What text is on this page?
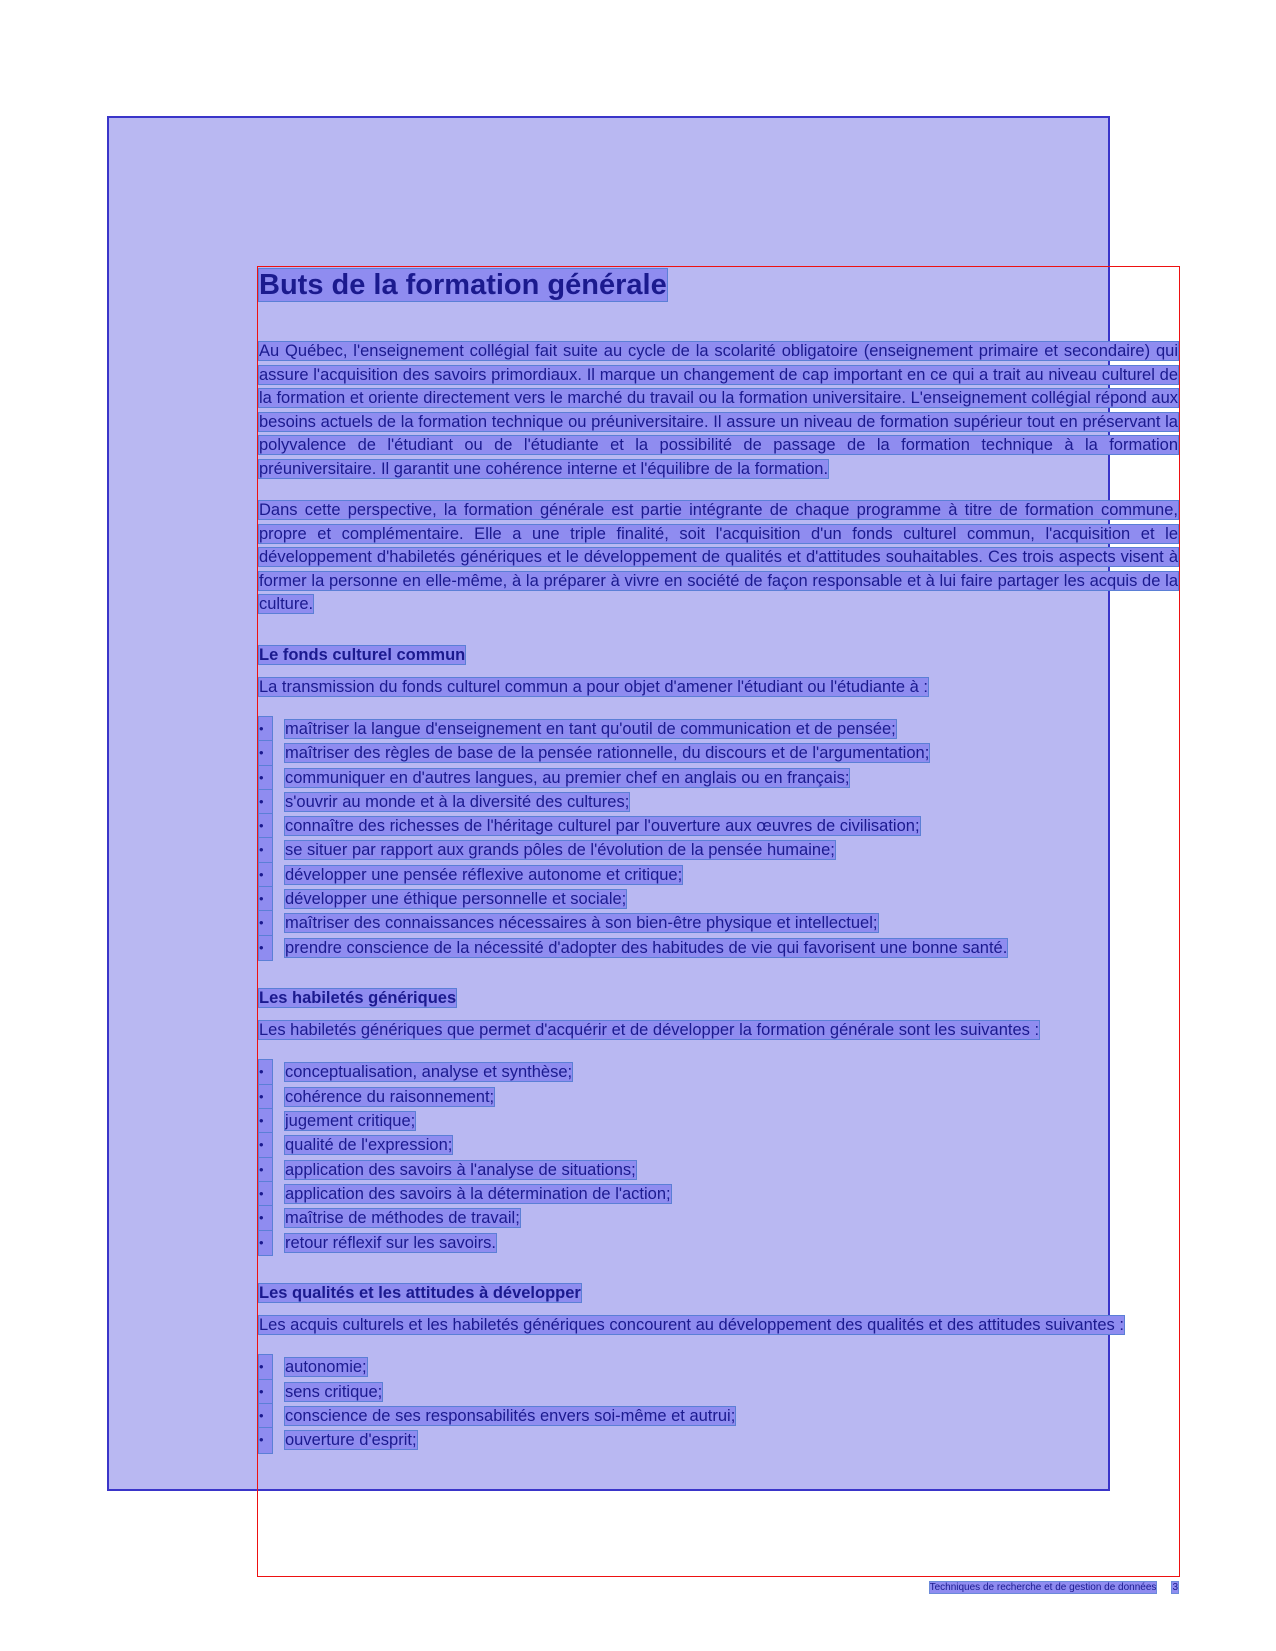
Buts de la formation générale

Au Québec, l'enseignement collégial fait suite au cycle de la scolarité obligatoire (enseignement primaire et secondaire) qui assure l'acquisition des savoirs primordiaux. Il marque un changement de cap important en ce qui a trait au niveau culturel de la formation et oriente directement vers le marché du travail ou la formation universitaire. L'enseignement collégial répond aux besoins actuels de la formation technique ou préuniversitaire. Il assure un niveau de formation supérieur tout en préservant la polyvalence de l'étudiant ou de l'étudiante et la possibilité de passage de la formation technique à la formation préuniversitaire. Il garantit une cohérence interne et l'équilibre de la formation.

Dans cette perspective, la formation générale est partie intégrante de chaque programme à titre de formation commune, propre et complémentaire. Elle a une triple finalité, soit l'acquisition d'un fonds culturel commun, l'acquisition et le développement d'habiletés génériques et le développement de qualités et d'attitudes souhaitables. Ces trois aspects visent à former la personne en elle-même, à la préparer à vivre en société de façon responsable et à lui faire partager les acquis de la culture.

Le fonds culturel commun

La transmission du fonds culturel commun a pour objet d'amener l'étudiant ou l'étudiante à :

•	maîtriser la langue d'enseignement en tant qu'outil de communication et de pensée;
•	maîtriser des règles de base de la pensée rationnelle, du discours et de l'argumentation;
•	communiquer en d'autres langues, au premier chef en anglais ou en français;
•	s'ouvrir au monde et à la diversité des cultures;
•	connaître des richesses de l'héritage culturel par l'ouverture aux œuvres de civilisation;
•	se situer par rapport aux grands pôles de l'évolution de la pensée humaine;
•	développer une pensée réflexive autonome et critique;
•	développer une éthique personnelle et sociale;
•	maîtriser des connaissances nécessaires à son bien-être physique et intellectuel;
•	prendre conscience de la nécessité d'adopter des habitudes de vie qui favorisent une bonne santé.
Les habiletés génériques

Les habiletés génériques que permet d'acquérir et de développer la formation générale sont les suivantes :

•	conceptualisation, analyse et synthèse;
•	cohérence du raisonnement;
•	jugement critique;
•	qualité de l'expression;
•	application des savoirs à l'analyse de situations;
•	application des savoirs à la détermination de l'action;
•	maîtrise de méthodes de travail;
•	retour réflexif sur les savoirs.
Les qualités et les attitudes à développer

Les acquis culturels et les habiletés génériques concourent au développement des qualités et des attitudes suivantes :

•	autonomie;
•	sens critique;
•	conscience de ses responsabilités envers soi-même et autrui;
•	ouverture d'esprit;
Techniques de recherche et de gestion de données 3
